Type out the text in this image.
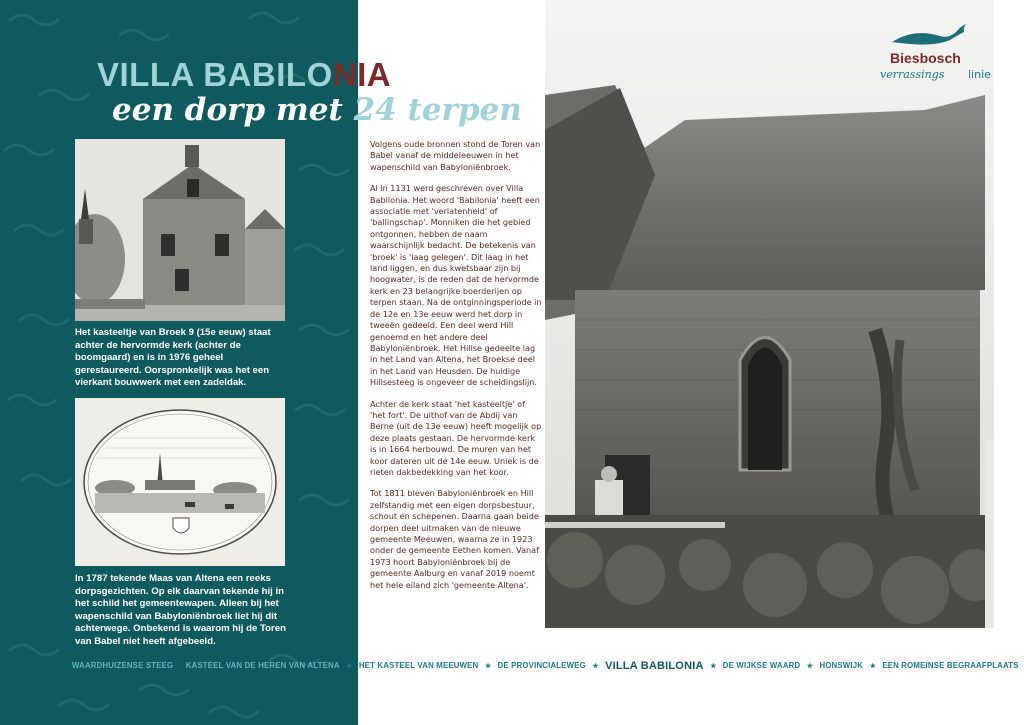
VILLA BABILONIA
een dorp met 24 terpen

Het kasteeltje van Broek 9 (15e eeuw) staat achter de hervormde kerk (achter de boomgaard) en is in 1976 geheel gerestaureerd. Oorspronkelijk was het een vierkant bouwwerk met een zadeldak.

In 1787 tekende Maas van Altena een reeks dorpsgezichten. Op elk daarvan tekende hij in het schild het gemeentewapen. Alleen bij het wapenschild van Babyloniënbroek liet hij dit achterwege. Onbekend is waarom hij de Toren van Babel niet heeft afgebeeld.

Volgens oude bronnen stond de Toren van Babel vanaf de middeleeuwen in het wapenschild van Babyloniënbroek.

Al in 1131 werd geschreven over Villa Babilonia. Het woord 'Babilonia' heeft een associatie met 'verlatenheid' of 'ballingschap'. Monniken die het gebied ontgonnen, hebben de naam waarschijnlijk bedacht. De betekenis van 'broek' is 'laag gelegen'. Dit laag in het land liggen, en dus kwetsbaar zijn bij hoogwater, is de reden dat de hervormde kerk en 23 belangrijke boerderijen op terpen staan. Na de ontginningsperiode in de 12e en 13e eeuw werd het dorp in tweeën gedeeld. Een deel werd Hill genoemd en het andere deel Babyloniënbroek. Het Hillse gedeelte lag in het Land van Altena, het Broekse deel in het Land van Heusden. De huidige Hillsesteeg is ongeveer de scheidingslijn.

Achter de kerk staat 'het kasteeltje' of 'het fort'. De uithof van de Abdij van Berne (uit de 13e eeuw) heeft mogelijk op deze plaats gestaan. De hervormde kerk is in 1664 herbouwd. De muren van het koor dateren uit de 14e eeuw. Uniek is de rieten dakbedekking van het koor.

Tot 1811 bleven Babyloniënbroek en Hill zelfstandig met een eigen dorpsbestuur, schout en schepenen. Daarna gaan beide dorpen deel uitmaken van de nieuwe gemeente Meeuwen, waarna ze in 1923 onder de gemeente Eethen komen. Vanaf 1973 hoort Babyloniënbroek bij de gemeente Aalburg en vanaf 2019 noemt het hele eiland zich 'gemeente Altena'.

Biesbosch
verrassings linie
WAARDHUIZENSE STEEG KASTEEL VAN DE HEREN VAN ALTENA ★ HET KASTEEL VAN MEEUWEN ★ DE PROVINCIALEWEG ★ VILLA BABILONIA ★ DE WIJKSE WAARD ★ HONSWIJK ★ EEN ROMEINSE BEGRAAFPLAATS
